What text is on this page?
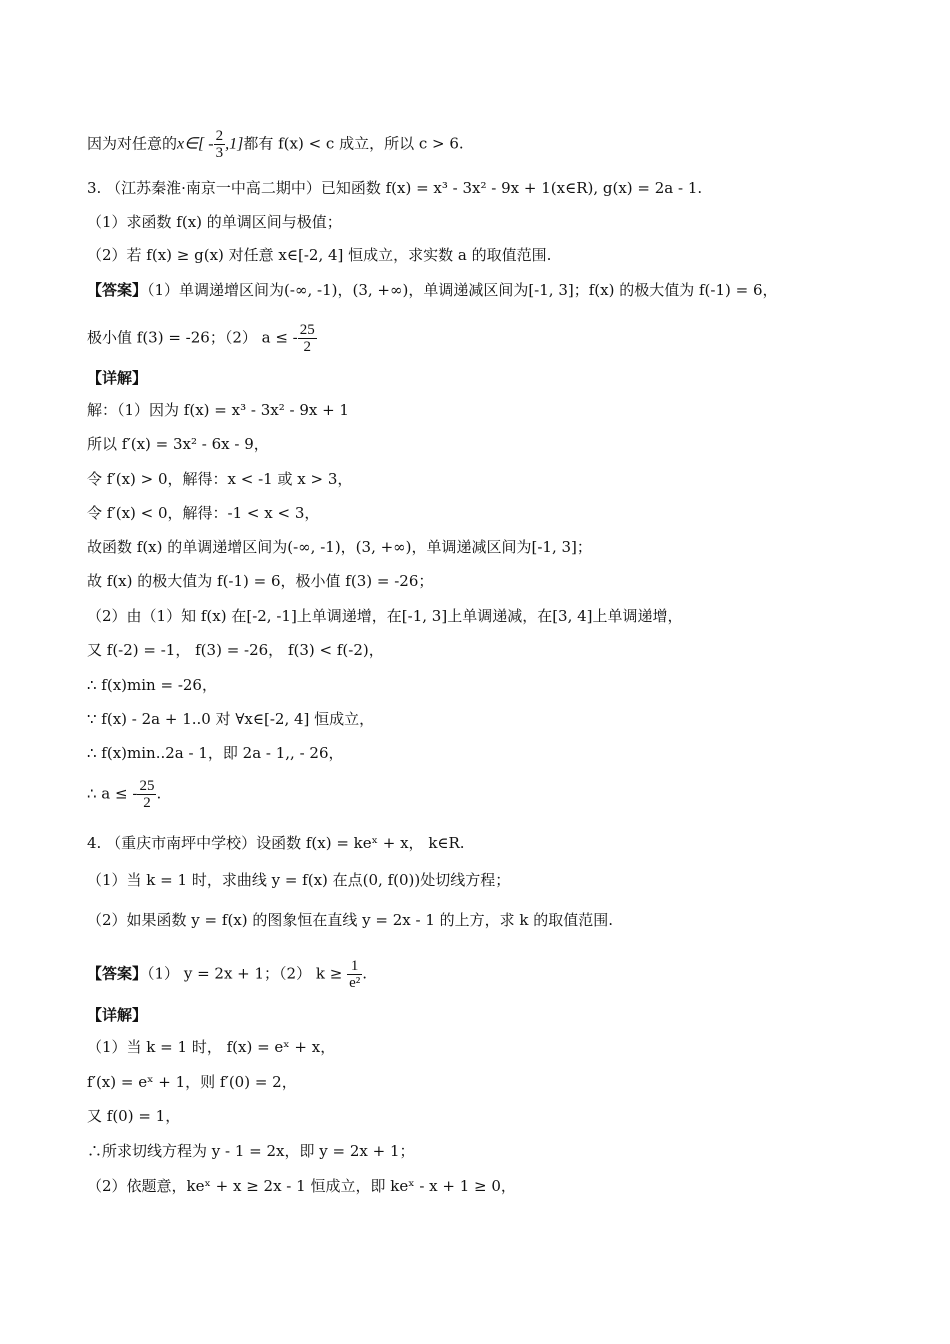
因为对任意的x∈[ - $\frac{2}{3} ,1$]都有 f(x) < c 成立，所以 c > 6.
3. （江苏秦淮·南京一中高二期中）已知函数 f(x) = x³ - 3x² - 9x + 1(x∈R), g(x) = 2a - 1.
（1）求函数 f(x) 的单调区间与极值；
（2）若 f(x) ≥ g(x) 对任意 x∈[-2, 4] 恒成立，求实数 a 的取值范围.
【答案】（1）单调递增区间为(-∞, -1)，(3, +∞)，单调递减区间为[-1, 3]；f(x) 的极大值为 f(-1) = 6，
极小值 f(3) = -26；（2） a ≤ - $\frac{25}{2}$
【详解】
解：（1）因为 f(x) = x³ - 3x² - 9x + 1
所以 f′(x) = 3x² - 6x - 9，
令 f′(x) > 0，解得：x < -1 或 x > 3，
令 f′(x) < 0，解得：-1 < x < 3，
故函数 f(x) 的单调递增区间为(-∞, -1)，(3, +∞)，单调递减区间为[-1, 3]；
故 f(x) 的极大值为 f(-1) = 6，极小值 f(3) = -26；
（2）由（1）知 f(x) 在[-2, -1]上单调递增，在[-1, 3]上单调递减，在[3, 4]上单调递增，
又 f(-2) = -1， f(3) = -26， f(3) < f(-2)，
∴ f(x)min = -26，
∵ f(x) - 2a + 1..0 对 ∀x∈[-2, 4] 恒成立，
∴ f(x)min..2a - 1，即 2a - 1,, - 26，
∴ a ≤ - $\frac{25}{2}$ .
4. （重庆市南坪中学校）设函数 f(x) = keˣ + x， k∈R.
（1）当 k = 1 时，求曲线 y = f(x) 在点(0, f(0))处切线方程；
（2）如果函数 y = f(x) 的图象恒在直线 y = 2x - 1 的上方，求 k 的取值范围.
【答案】（1） y = 2x + 1；（2） $k \ge \frac{1}{\text{e²}}$ .
【详解】
（1）当 k = 1 时， f(x) = eˣ + x，
f′(x) = eˣ + 1，则 f′(0) = 2，
又 f(0) = 1，
∴所求切线方程为 y - 1 = 2x，即 y = 2x + 1；
（2）依题意，keˣ + x ≥ 2x - 1 恒成立，即 keˣ - x + 1 ≥ 0，
